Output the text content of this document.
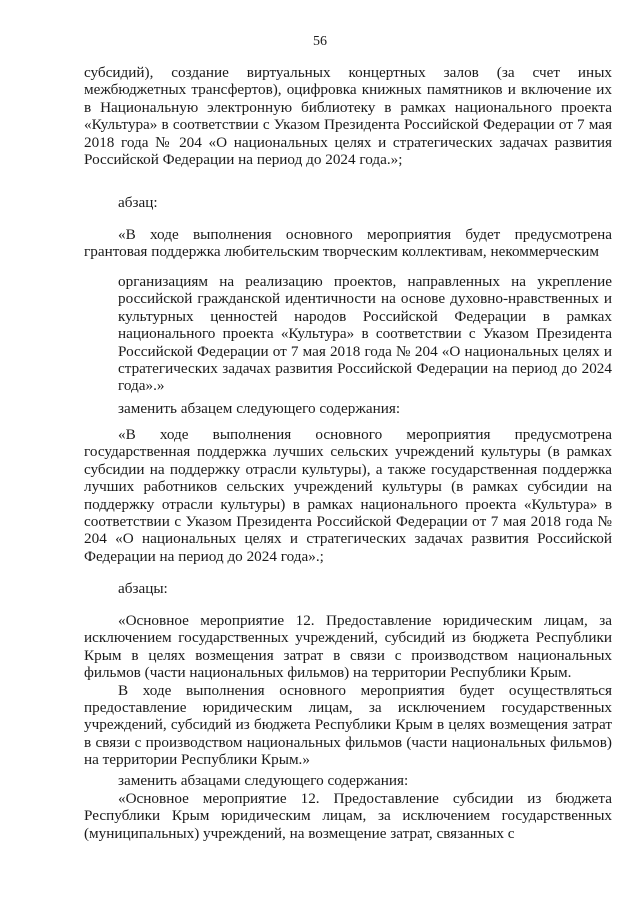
56

субсидий), создание виртуальных концертных залов (за счет иных межбюджетных трансфертов), оцифровка книжных памятников и включение их в Национальную электронную библиотеку в рамках национального проекта «Культура» в соответствии с Указом Президента Российской Федерации от 7 мая 2018 года № 204 «О национальных целях и стратегических задачах развития Российской Федерации на период до 2024 года.»;

абзац:

«В ходе выполнения основного мероприятия будет предусмотрена грантовая поддержка любительским творческим коллективам, некоммерческим

организациям на реализацию проектов, направленных на укрепление российской гражданской идентичности на основе духовно-нравственных и культурных ценностей народов Российской Федерации в рамках национального проекта «Культура» в соответствии с Указом Президента Российской Федерации от 7 мая 2018 года № 204 «О национальных целях и стратегических задачах развития Российской Федерации на период до 2024 года».»

заменить абзацем следующего содержания:

«В ходе выполнения основного мероприятия предусмотрена государственная поддержка лучших сельских учреждений культуры (в рамках субсидии на поддержку отрасли культуры), а также государственная поддержка лучших работников сельских учреждений культуры (в рамках субсидии на поддержку отрасли культуры) в рамках национального проекта «Культура» в соответствии с Указом Президента Российской Федерации от 7 мая 2018 года № 204 «О национальных целях и стратегических задачах развития Российской Федерации на период до 2024 года».;

абзацы:

«Основное мероприятие 12. Предоставление юридическим лицам, за исключением государственных учреждений, субсидий из бюджета Республики Крым в целях возмещения затрат в связи с производством национальных фильмов (части национальных фильмов) на территории Республики Крым.

В ходе выполнения основного мероприятия будет осуществляться предоставление юридическим лицам, за исключением государственных учреждений, субсидий из бюджета Республики Крым в целях возмещения затрат в связи с производством национальных фильмов (части национальных фильмов) на территории Республики Крым.»

заменить абзацами следующего содержания:

«Основное мероприятие 12. Предоставление субсидии из бюджета Республики Крым юридическим лицам, за исключением государственных (муниципальных) учреждений, на возмещение затрат, связанных с
